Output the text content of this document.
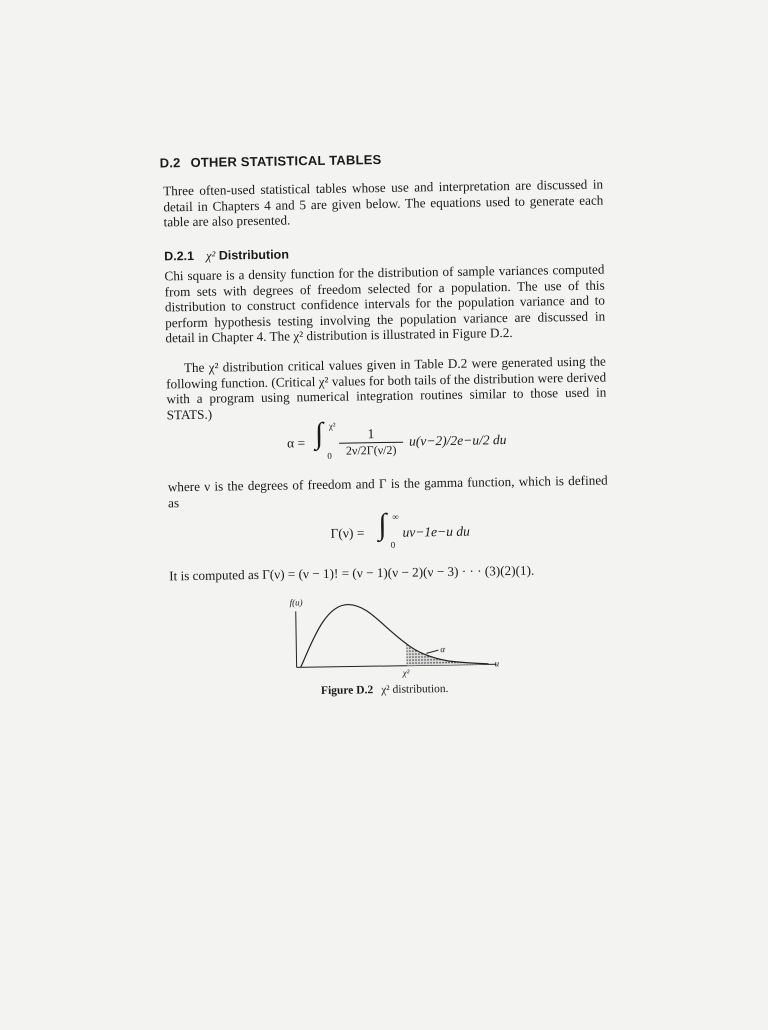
D.2 OTHER STATISTICAL TABLES
Three often-used statistical tables whose use and interpretation are discussed in detail in Chapters 4 and 5 are given below. The equations used to generate each table are also presented.
D.2.1 χ² Distribution
Chi square is a density function for the distribution of sample variances computed from sets with degrees of freedom selected for a population. The use of this distribution to construct confidence intervals for the population variance and to perform hypothesis testing involving the population variance are discussed in detail in Chapter 4. The χ² distribution is illustrated in Figure D.2.
The χ² distribution critical values given in Table D.2 were generated using the following function. (Critical χ² values for both tails of the distribution were derived with a program using numerical integration routines similar to those used in STATS.)
α = ∫ χ²
$0 \frac{1}{2\nu/2\Gamma(\nu/2)} u(\nu-2)/2e-u/2$ du
where ν is the degrees of freedom and Γ is the gamma function, which is defined as
Γ(ν) = ∫ ∞
0
uν−1e−u du
It is computed as Γ(ν) = (ν − 1)! = (ν − 1)(ν − 2)(ν − 3) · · · (3)(2)(1).
f(u)
u
χ²
α
Figure D.2 χ² distribution.
